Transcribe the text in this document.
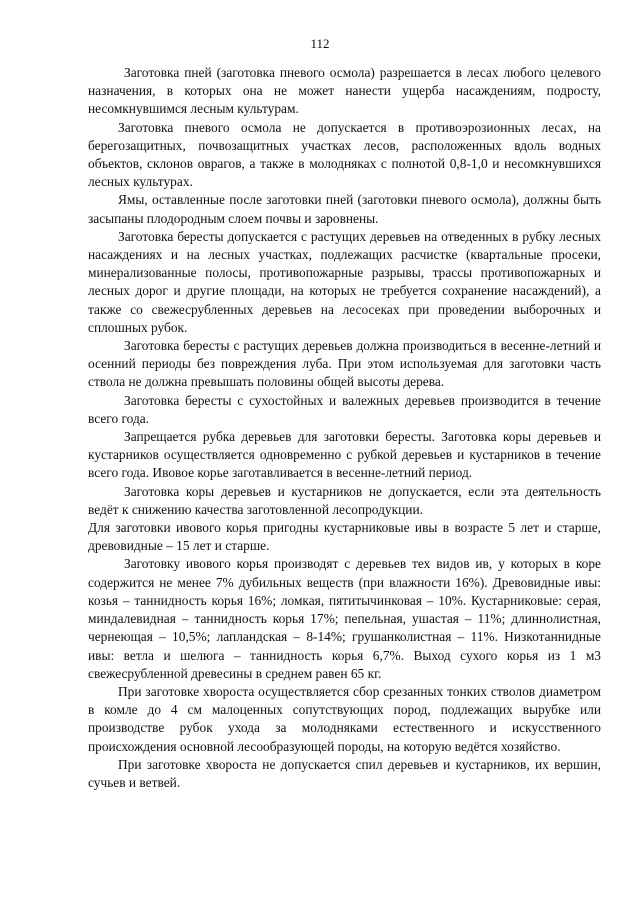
112

Заготовка пней (заготовка пневого осмола) разрешается в лесах любого целевого назначения, в которых она не может нанести ущерба насаждениям, подросту, несомкнувшимся лесным культурам.

Заготовка пневого осмола не допускается в противоэрозионных лесах, на берегозащитных, почвозащитных участках лесов, расположенных вдоль водных объектов, склонов оврагов, а также в молодняках с полнотой 0,8-1,0 и несомкнувшихся лесных культурах.

Ямы, оставленные после заготовки пней (заготовки пневого осмола), должны быть засыпаны плодородным слоем почвы и заровнены.

Заготовка бересты допускается с растущих деревьев на отведенных в рубку лесных насаждениях и на лесных участках, подлежащих расчистке (квартальные просеки, минерализованные полосы, противопожарные разрывы, трассы противопожарных и лесных дорог и другие площади, на которых не требуется сохранение насаждений), а также со свежесрубленных деревьев на лесосеках при проведении выборочных и сплошных рубок.

Заготовка бересты с растущих деревьев должна производиться в весенне-летний и осенний периоды без повреждения луба. При этом используемая для заготовки часть ствола не должна превышать половины общей высоты дерева.

Заготовка бересты с сухостойных и валежных деревьев производится в течение всего года.

Запрещается рубка деревьев для заготовки бересты. Заготовка коры деревьев и кустарников осуществляется одновременно с рубкой деревьев и кустарников в течение всего года. Ивовое корье заготавливается в весенне-летний период.

Заготовка коры деревьев и кустарников не допускается, если эта деятельность ведёт к снижению качества заготовленной лесопродукции.

Для заготовки ивового корья пригодны кустарниковые ивы в возрасте 5 лет и старше, древовидные – 15 лет и старше.

Заготовку ивового корья производят с деревьев тех видов ив, у которых в коре содержится не менее 7% дубильных веществ (при влажности 16%). Древовидные ивы: козья – таннидность корья 16%; ломкая, пятитычинковая – 10%. Кустарниковые: серая, миндалевидная – таннидность корья 17%; пепельная, ушастая – 11%; длиннолистная, чернеющая – 10,5%; лапландская – 8-14%; грушанколистная – 11%. Низкотаннидные ивы: ветла и шелюга – таннидность корья 6,7%. Выход сухого корья из 1 м3 свежесрубленной древесины в среднем равен 65 кг.

При заготовке хвороста осуществляется сбор срезанных тонких стволов диаметром в комле до 4 см малоценных сопутствующих пород, подлежащих вырубке или производстве рубок ухода за молодняками естественного и искусственного происхождения основной лесообразующей породы, на которую ведётся хозяйство.

При заготовке хвороста не допускается спил деревьев и кустарников, их вершин, сучьев и ветвей.
